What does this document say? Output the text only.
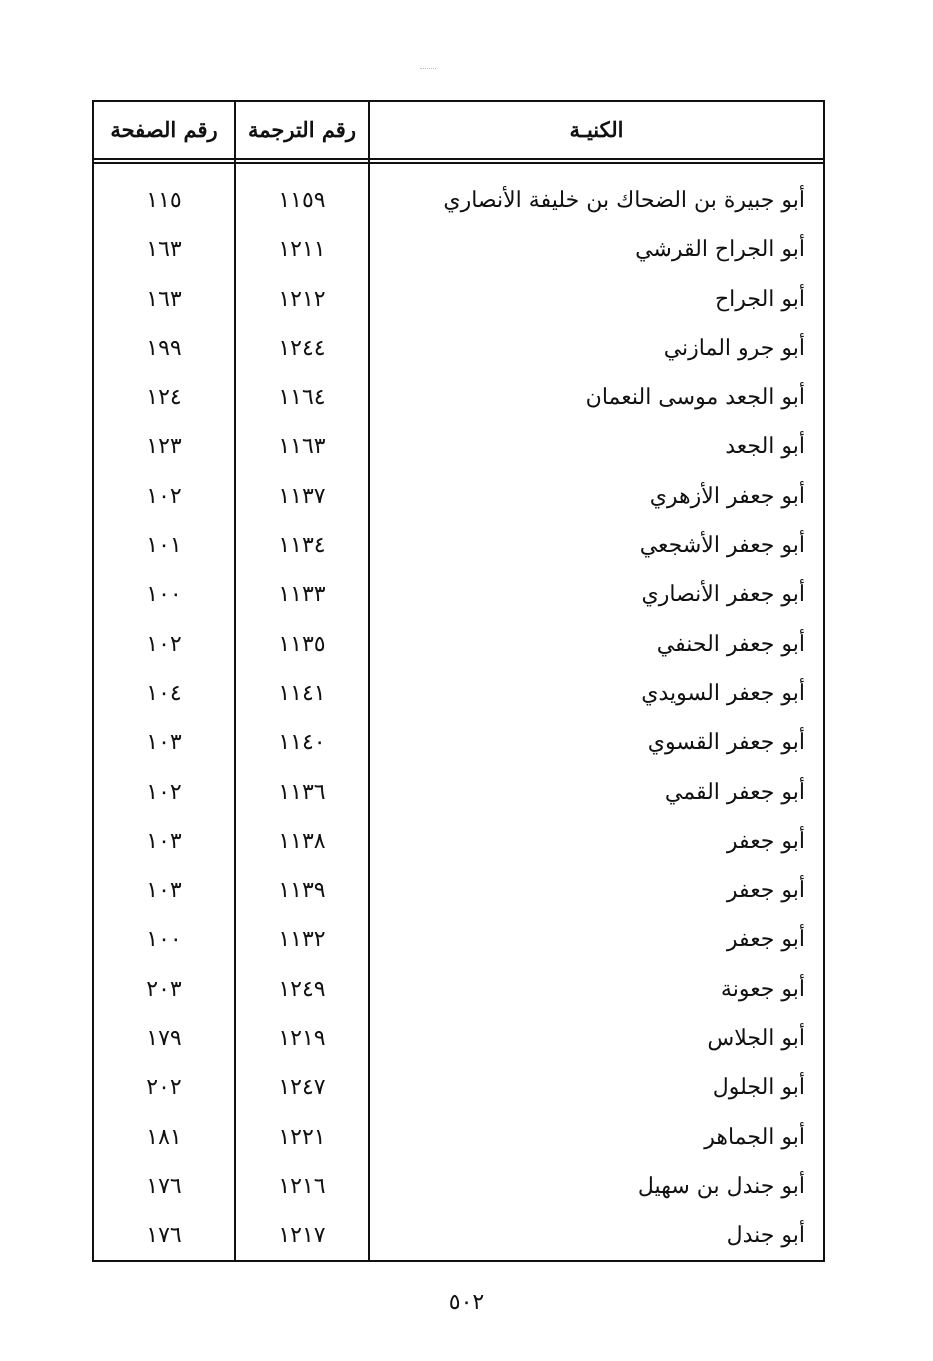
الكنيـة
رقم الترجمة
رقم الصفحة
أبو جبيرة بن الضحاك بن خليفة الأنصاري
١١٥٩
١١٥
أبو الجراح القرشي
١٢١١
١٦٣
أبو الجراح
١٢١٢
١٦٣
أبو جرو المازني
١٢٤٤
١٩٩
أبو الجعد موسى النعمان
١١٦٤
١٢٤
أبو الجعد
١١٦٣
١٢٣
أبو جعفر الأزهري
١١٣٧
١٠٢
أبو جعفر الأشجعي
١١٣٤
١٠١
أبو جعفر الأنصاري
١١٣٣
١٠٠
أبو جعفر الحنفي
١١٣٥
١٠٢
أبو جعفر السويدي
١١٤١
١٠٤
أبو جعفر القسوي
١١٤٠
١٠٣
أبو جعفر القمي
١١٣٦
١٠٢
أبو جعفر
١١٣٨
١٠٣
أبو جعفر
١١٣٩
١٠٣
أبو جعفر
١١٣٢
١٠٠
أبو جعونة
١٢٤٩
٢٠٣
أبو الجلاس
١٢١٩
١٧٩
أبو الجلول
١٢٤٧
٢٠٢
أبو الجماهر
١٢٢١
١٨١
أبو جندل بن سهيل
١٢١٦
١٧٦
أبو جندل
١٢١٧
١٧٦
٥٠٢
